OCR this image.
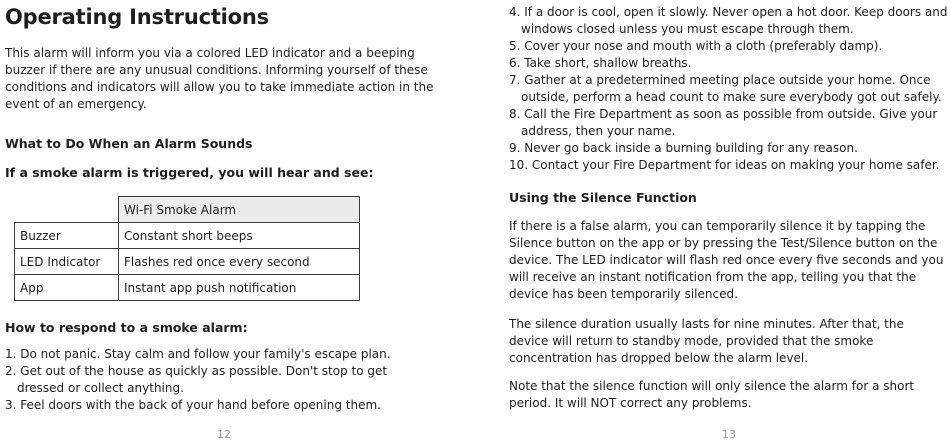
Operating Instructions

This alarm will inform you via a colored LED indicator and a beeping buzzer if there are any unusual conditions. Informing yourself of these conditions and indicators will allow you to take immediate action in the event of an emergency.

What to Do When an Alarm Sounds
If a smoke alarm is triggered, you will hear and see:
	Wi-Fi Smoke Alarm
Buzzer	Constant short beeps
LED Indicator	Flashes red once every second
App	Instant app push notification
How to respond to a smoke alarm:
1. Do not panic. Stay calm and follow your family's escape plan.
2. Get out of the house as quickly as possible. Don't stop to get dressed or collect anything.
3. Feel doors with the back of your hand before opening them.
12
4. If a door is cool, open it slowly. Never open a hot door. Keep doors and windows closed unless you must escape through them.
5. Cover your nose and mouth with a cloth (preferably damp).
6. Take short, shallow breaths.
7. Gather at a predetermined meeting place outside your home. Once outside, perform a head count to make sure everybody got out safely.
8. Call the Fire Department as soon as possible from outside. Give your address, then your name.
9. Never go back inside a burning building for any reason.
10. Contact your Fire Department for ideas on making your home safer.
Using the Silence Function

If there is a false alarm, you can temporarily silence it by tapping the Silence button on the app or by pressing the Test/Silence button on the device. The LED indicator will flash red once every five seconds and you will receive an instant notification from the app, telling you that the device has been temporarily silenced.

The silence duration usually lasts for nine minutes. After that, the device will return to standby mode, provided that the smoke concentration has dropped below the alarm level.

Note that the silence function will only silence the alarm for a short period. It will NOT correct any problems.

13
